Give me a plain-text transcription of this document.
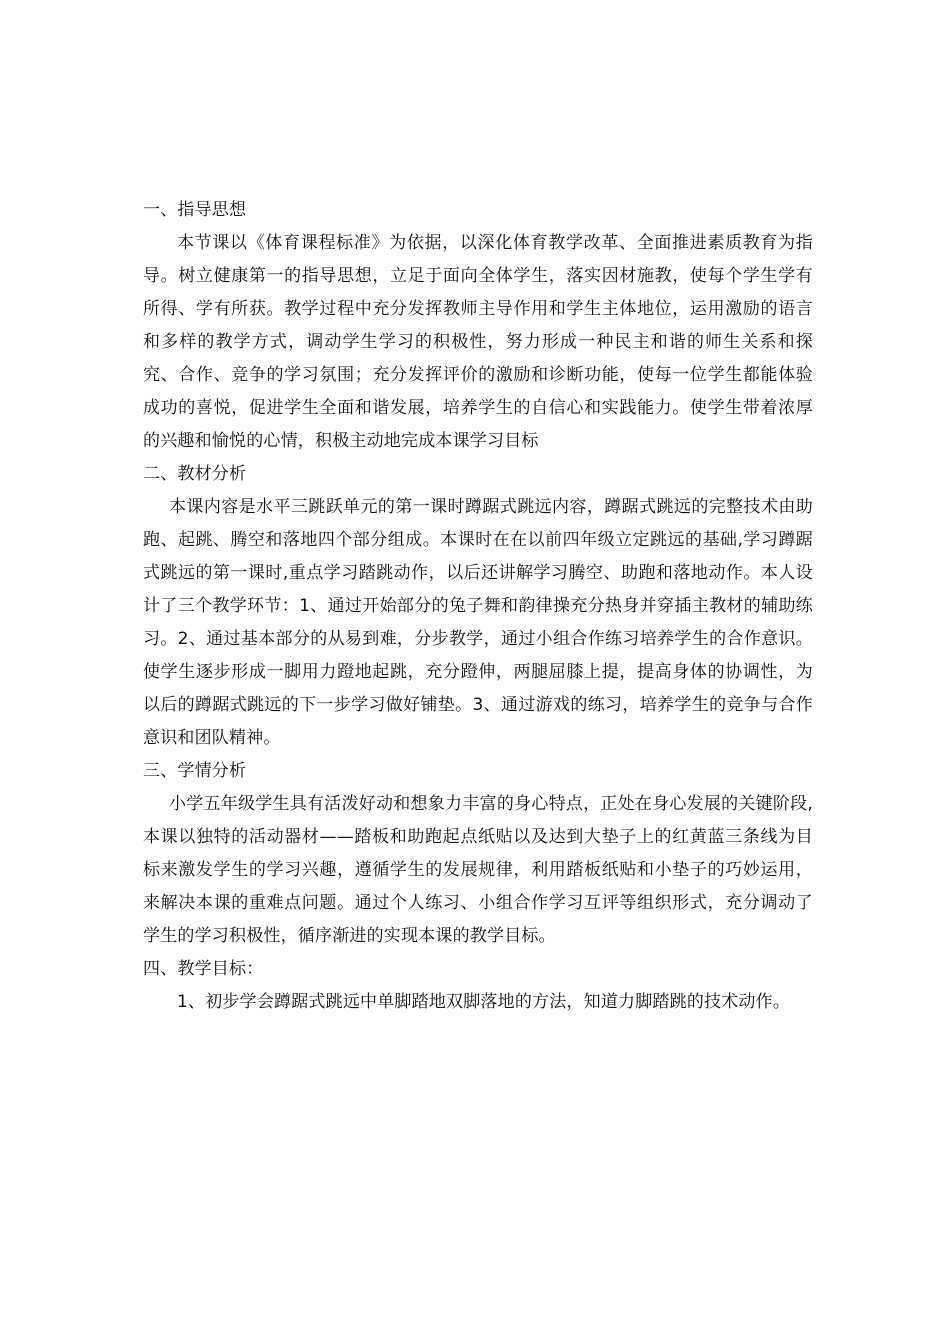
一、指导思想

本节课以《体育课程标准》为依据，以深化体育教学改革、全面推进素质教育为指导。树立健康第一的指导思想，立足于面向全体学生，落实因材施教，使每个学生学有所得、学有所获。教学过程中充分发挥教师主导作用和学生主体地位，运用激励的语言和多样的教学方式，调动学生学习的积极性，努力形成一种民主和谐的师生关系和探究、合作、竞争的学习氛围；充分发挥评价的激励和诊断功能，使每一位学生都能体验成功的喜悦，促进学生全面和谐发展，培养学生的自信心和实践能力。使学生带着浓厚的兴趣和愉悦的心情，积极主动地完成本课学习目标

二、教材分析

本课内容是水平三跳跃单元的第一课时蹲踞式跳远内容，蹲踞式跳远的完整技术由助跑、起跳、腾空和落地四个部分组成。本课时在在以前四年级立定跳远的基础,学习蹲踞式跳远的第一课时,重点学习踏跳动作，以后还讲解学习腾空、助跑和落地动作。本人设计了三个教学环节：1、通过开始部分的兔子舞和韵律操充分热身并穿插主教材的辅助练习。2、通过基本部分的从易到难，分步教学，通过小组合作练习培养学生的合作意识。使学生逐步形成一脚用力蹬地起跳，充分蹬伸，两腿屈膝上提，提高身体的协调性，为以后的蹲踞式跳远的下一步学习做好铺垫。3、通过游戏的练习，培养学生的竞争与合作意识和团队精神。

三、学情分析

小学五年级学生具有活泼好动和想象力丰富的身心特点，正处在身心发展的关键阶段,本课以独特的活动器材——踏板和助跑起点纸贴以及达到大垫子上的红黄蓝三条线为目标来激发学生的学习兴趣，遵循学生的发展规律，利用踏板纸贴和小垫子的巧妙运用，来解决本课的重难点问题。通过个人练习、小组合作学习互评等组织形式，充分调动了学生的学习积极性，循序渐进的实现本课的教学目标。

四、教学目标：

1、初步学会蹲踞式跳远中单脚踏地双脚落地的方法，知道力脚踏跳的技术动作。
